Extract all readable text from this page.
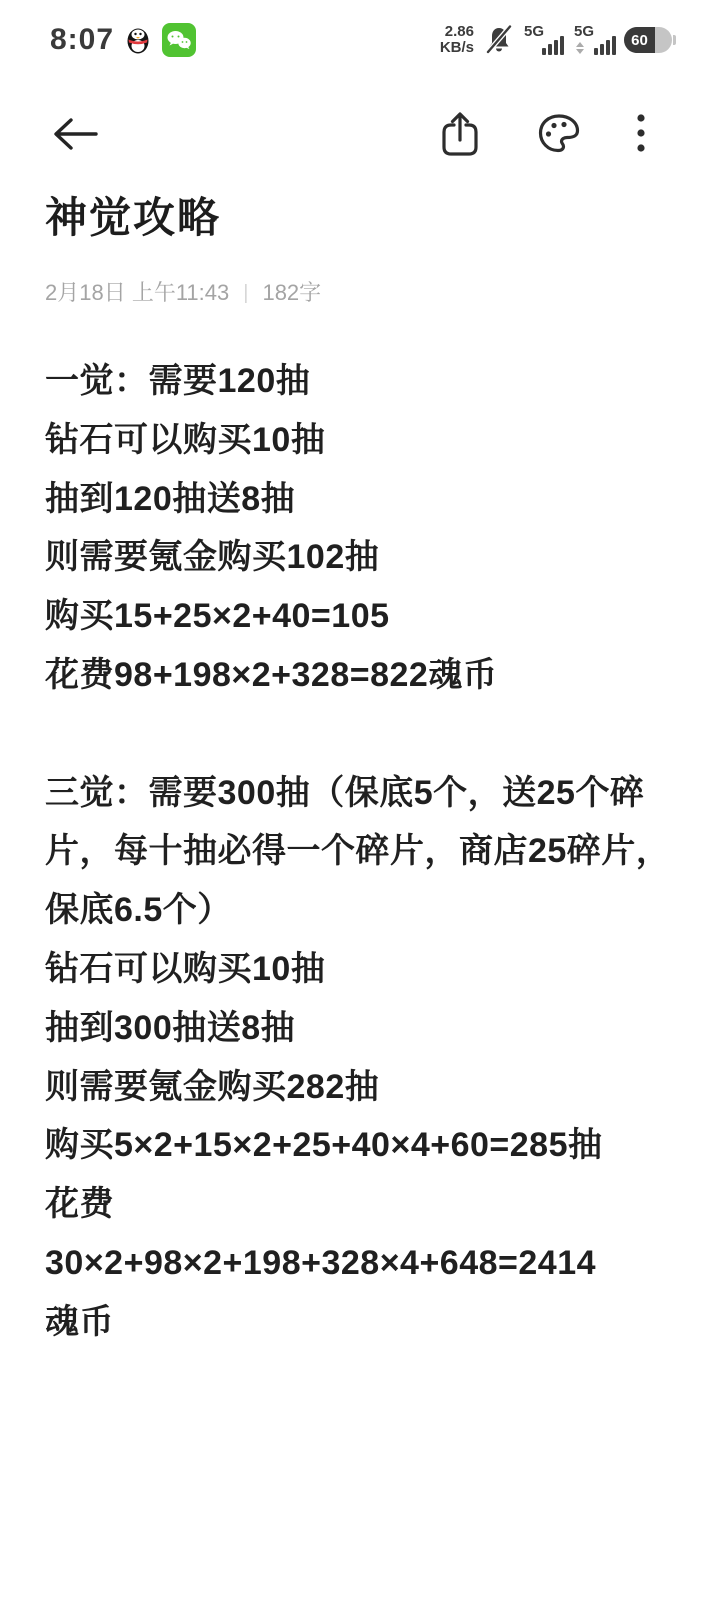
8:07	2.86
KB/s
5G 5G 60
神觉攻略
2月18日 上午11:43 | 182字
一觉：需要120抽
钻石可以购买10抽
抽到120抽送8抽
则需要氪金购买102抽
购买15+25×2+40=105
花费98+198×2+328=822魂币
三觉：需要300抽（保底5个，送25个碎
片，每十抽必得一个碎片，商店25碎片，
保底6.5个）
钻石可以购买10抽
抽到300抽送8抽
则需要氪金购买282抽
购买5×2+15×2+25+40×4+60=285抽
花费
30×2+98×2+198+328×4+648=2414
魂币
